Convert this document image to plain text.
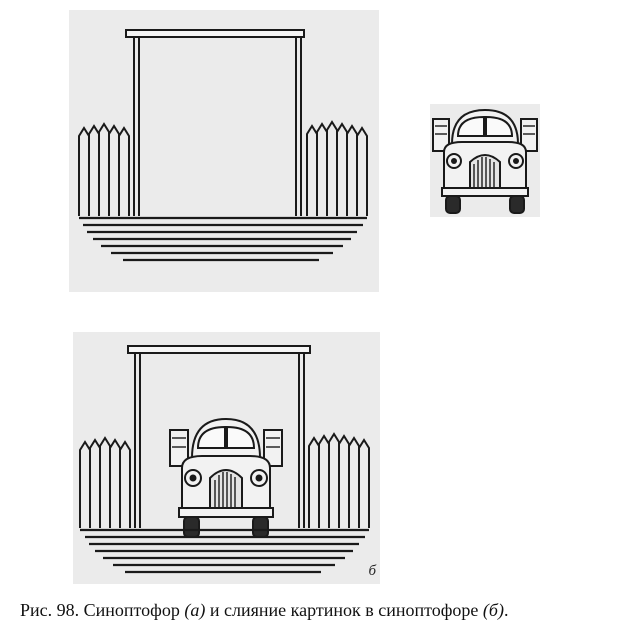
б
Рис. 98. Синоптофор (а) и слияние картинок в синоптофоре (б).
